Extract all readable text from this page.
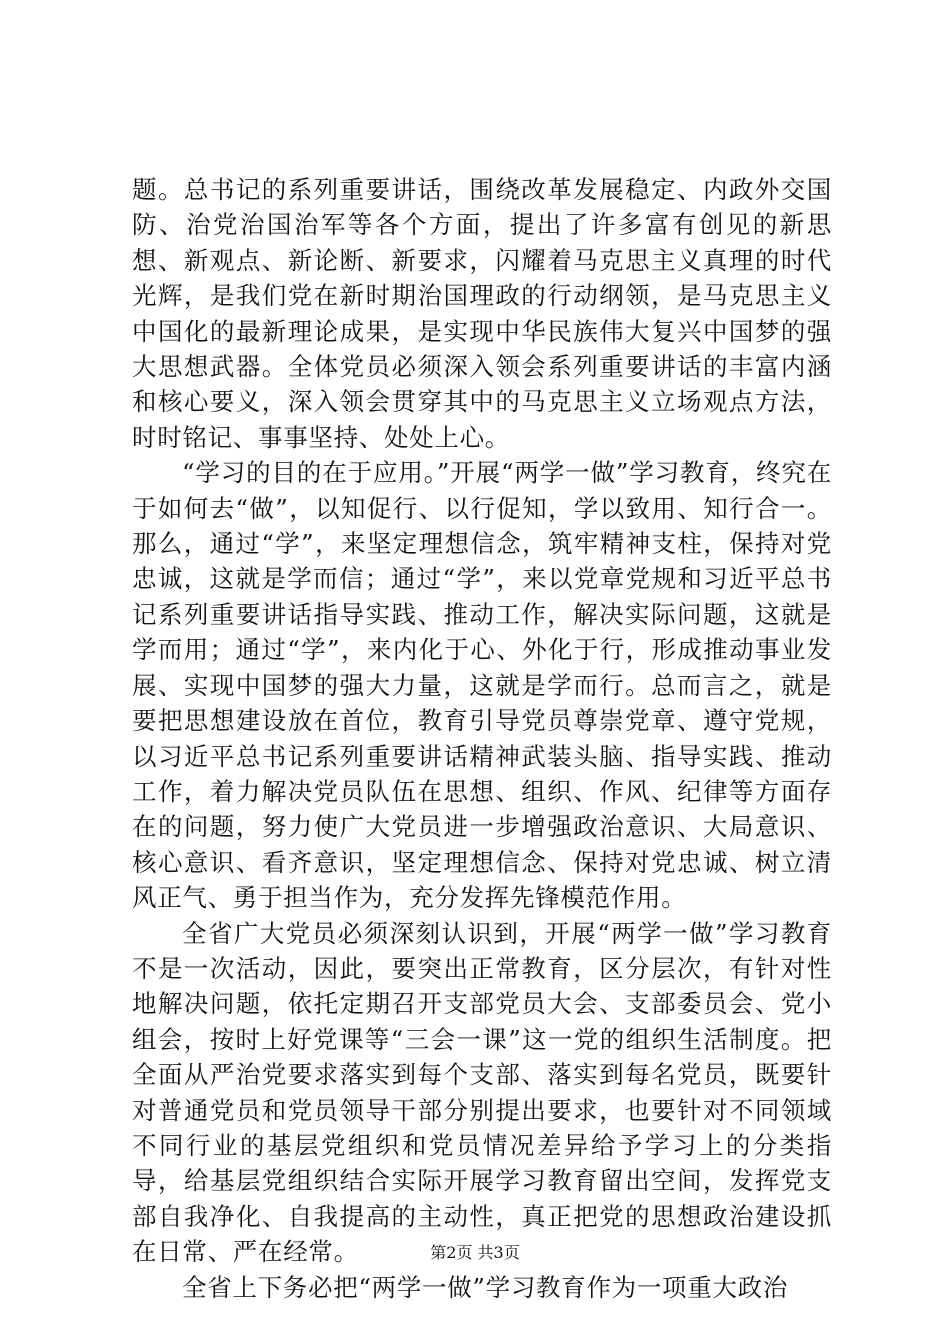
题。总书记的系列重要讲话，围绕改革发展稳定、内政外交国防、治党治国治军等各个方面，提出了许多富有创见的新思想、新观点、新论断、新要求，闪耀着马克思主义真理的时代光辉，是我们党在新时期治国理政的行动纲领，是马克思主义中国化的最新理论成果，是实现中华民族伟大复兴中国梦的强大思想武器。全体党员必须深入领会系列重要讲话的丰富内涵和核心要义，深入领会贯穿其中的马克思主义立场观点方法，时时铭记、事事坚持、处处上心。

“学习的目的在于应用。”开展“两学一做”学习教育，终究在于如何去“做”，以知促行、以行促知，学以致用、知行合一。那么，通过“学”，来坚定理想信念，筑牢精神支柱，保持对党忠诚，这就是学而信；通过“学”，来以党章党规和习近平总书记系列重要讲话指导实践、推动工作，解决实际问题，这就是学而用；通过“学”，来内化于心、外化于行，形成推动事业发展、实现中国梦的强大力量，这就是学而行。总而言之，就是要把思想建设放在首位，教育引导党员尊崇党章、遵守党规，以习近平总书记系列重要讲话精神武装头脑、指导实践、推动工作，着力解决党员队伍在思想、组织、作风、纪律等方面存在的问题，努力使广大党员进一步增强政治意识、大局意识、核心意识、看齐意识，坚定理想信念、保持对党忠诚、树立清风正气、勇于担当作为，充分发挥先锋模范作用。

全省广大党员必须深刻认识到，开展“两学一做”学习教育不是一次活动，因此，要突出正常教育，区分层次，有针对性地解决问题，依托定期召开支部党员大会、支部委员会、党小组会，按时上好党课等“三会一课”这一党的组织生活制度。把全面从严治党要求落实到每个支部、落实到每名党员，既要针对普通党员和党员领导干部分别提出要求，也要针对不同领域不同行业的基层党组织和党员情况差异给予学习上的分类指导，给基层党组织结合实际开展学习教育留出空间，发挥党支部自我净化、自我提高的主动性，真正把党的思想政治建设抓在日常、严在经常。

全省上下务必把“两学一做”学习教育作为一项重大政治

第2页 共3页
